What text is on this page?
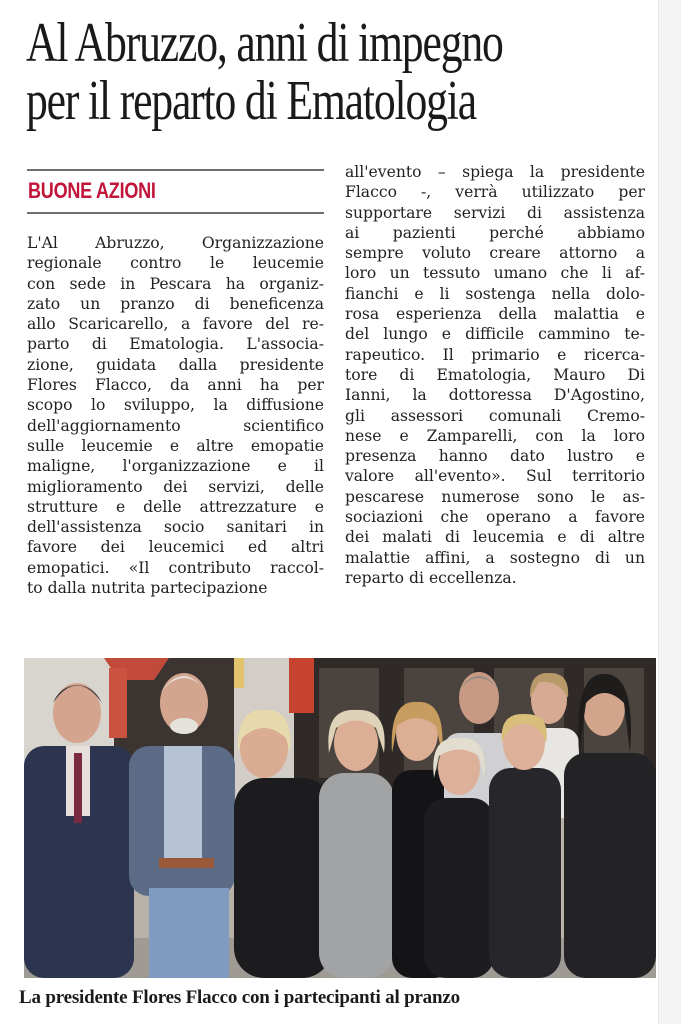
Al Abruzzo, anni di impegno
per il reparto di Ematologia
BUONE AZIONI
L'Al Abruzzo, Organizzazione
regionale contro le leucemie
con sede in Pescara ha organiz-
zato un pranzo di beneficenza
allo Scaricarello, a favore del re-
parto di Ematologia. L'associa-
zione, guidata dalla presidente
Flores Flacco, da anni ha per
scopo lo sviluppo, la diffusione
dell'aggiornamento scientifico
sulle leucemie e altre emopatie
maligne, l'organizzazione e il
miglioramento dei servizi, delle
strutture e delle attrezzature e
dell'assistenza socio sanitari in
favore dei leucemici ed altri
emopatici. «Il contributo raccol-
to dalla nutrita partecipazione
all'evento – spiega la presidente
Flacco -, verrà utilizzato per
supportare servizi di assistenza
ai pazienti perché abbiamo
sempre voluto creare attorno a
loro un tessuto umano che li af-
fianchi e li sostenga nella dolo-
rosa esperienza della malattia e
del lungo e difficile cammino te-
rapeutico. Il primario e ricerca-
tore di Ematologia, Mauro Di
Ianni, la dottoressa D'Agostino,
gli assessori comunali Cremo-
nese e Zamparelli, con la loro
presenza hanno dato lustro e
valore all'evento». Sul territorio
pescarese numerose sono le as-
sociazioni che operano a favore
dei malati di leucemia e di altre
malattie affini, a sostegno di un
reparto di eccellenza.
La presidente Flores Flacco con i partecipanti al pranzo
